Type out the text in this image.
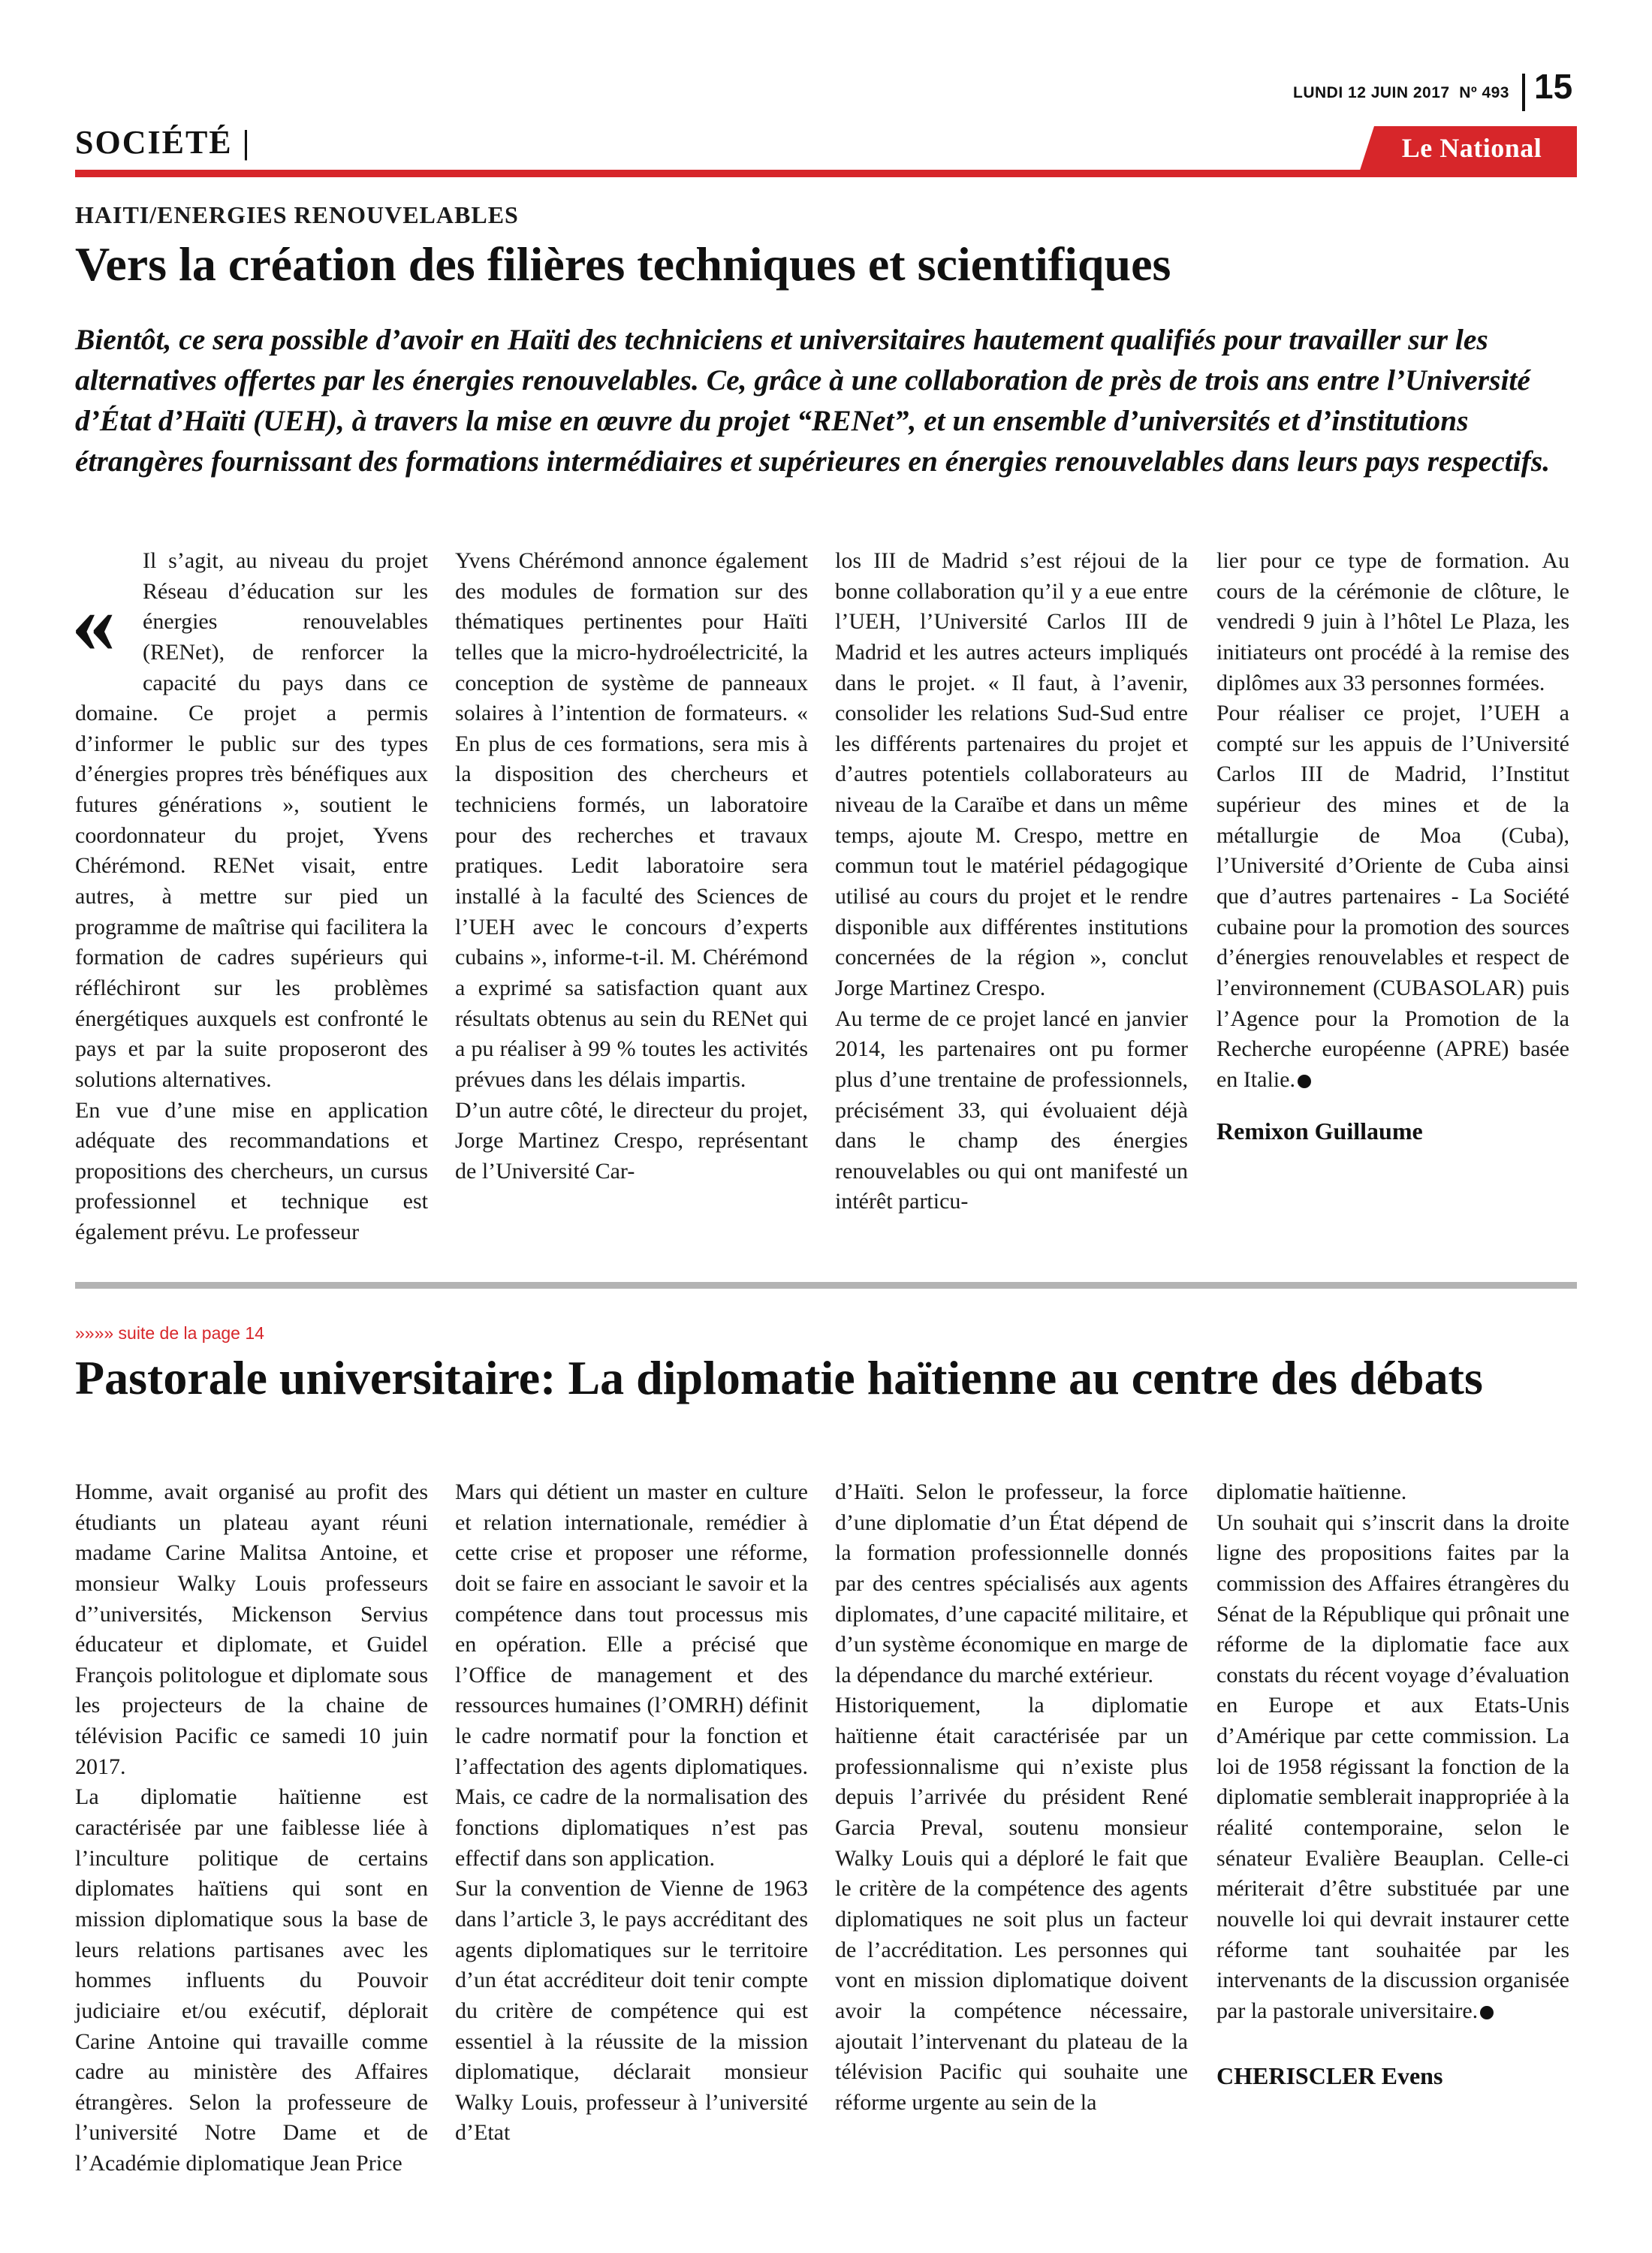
LUNDI 12 JUIN 2017 Nº 493 15
SOCIÉTÉ |	Le National
HAITI/ENERGIES RENOUVELABLES
Vers la création des filières techniques et scientifiques
Bientôt, ce sera possible d’avoir en Haïti des techniciens et universitaires hautement qualifiés pour travailler sur les alternatives offertes par les énergies renouvelables. Ce, grâce à une collaboration de près de trois ans entre l’Université d’État d’Haïti (UEH), à travers la mise en œuvre du projet “RENet”, et un ensemble d’universités et d’institutions étrangères fournissant des formations intermédiaires et supérieures en énergies renouvelables dans leurs pays respectifs.
«

Il s’agit, au niveau du projet Réseau d’éducation sur les énergies renouvelables (RENet), de renforcer la capacité du pays dans ce domaine. Ce projet a permis d’informer le public sur des types d’énergies propres très bénéfiques aux futures générations », soutient le coordonnateur du projet, Yvens Chérémond. RENet visait, entre autres, à mettre sur pied un programme de maîtrise qui facilitera la formation de cadres supérieurs qui réfléchiront sur les problèmes énergétiques auxquels est confronté le pays et par la suite proposeront des solutions alternatives.

En vue d’une mise en application adéquate des recommandations et propositions des chercheurs, un cursus professionnel et technique est également prévu. Le professeur

Yvens Chérémond annonce également des modules de formation sur des thématiques pertinentes pour Haïti telles que la micro-hydroélectricité, la conception de système de panneaux solaires à l’intention de formateurs. « En plus de ces formations, sera mis à la disposition des chercheurs et techniciens formés, un laboratoire pour des recherches et travaux pratiques. Ledit laboratoire sera installé à la faculté des Sciences de l’UEH avec le concours d’experts cubains », informe-t-il. M. Chérémond a exprimé sa satisfaction quant aux résultats obtenus au sein du RENet qui a pu réaliser à 99 % toutes les activités prévues dans les délais impartis.

D’un autre côté, le directeur du projet, Jorge Martinez Crespo, représentant de l’Université Car-

los III de Madrid s’est réjoui de la bonne collaboration qu’il y a eue entre l’UEH, l’Université Carlos III de Madrid et les autres acteurs impliqués dans le projet. « Il faut, à l’avenir, consolider les relations Sud-Sud entre les différents partenaires du projet et d’autres potentiels collaborateurs au niveau de la Caraïbe et dans un même temps, ajoute M. Crespo, mettre en commun tout le matériel pédagogique utilisé au cours du projet et le rendre disponible aux différentes institutions concernées de la région », conclut Jorge Martinez Crespo.

Au terme de ce projet lancé en janvier 2014, les partenaires ont pu former plus d’une trentaine de professionnels, précisément 33, qui évoluaient déjà dans le champ des énergies renouvelables ou qui ont manifesté un intérêt particu-

lier pour ce type de formation. Au cours de la cérémonie de clôture, le vendredi 9 juin à l’hôtel Le Plaza, les initiateurs ont procédé à la remise des diplômes aux 33 personnes formées.

Pour réaliser ce projet, l’UEH a compté sur les appuis de l’Université Carlos III de Madrid, l’Institut supérieur des mines et de la métallurgie de Moa (Cuba), l’Université d’Oriente de Cuba ainsi que d’autres partenaires - La Société cubaine pour la promotion des sources d’énergies renouvelables et respect de l’environnement (CUBASOLAR) puis l’Agence pour la Promotion de la Recherche européenne (APRE) basée en Italie.

Remixon Guillaume

»»»» suite de la page 14
Pastorale universitaire: La diplomatie haïtienne au centre des débats

Homme, avait organisé au profit des étudiants un plateau ayant réuni madame Carine Malitsa Antoine, et monsieur Walky Louis professeurs d’’universités, Mickenson Servius éducateur et diplomate, et Guidel François politologue et diplomate sous les projecteurs de la chaine de télévision Pacific ce samedi 10 juin 2017.

La diplomatie haïtienne est caractérisée par une faiblesse liée à l’inculture politique de certains diplomates haïtiens qui sont en mission diplomatique sous la base de leurs relations partisanes avec les hommes influents du Pouvoir judiciaire et/ou exécutif, déplorait Carine Antoine qui travaille comme cadre au ministère des Affaires étrangères. Selon la professeure de l’université Notre Dame et de l’Académie diplomatique Jean Price

Mars qui détient un master en culture et relation internationale, remédier à cette crise et proposer une réforme, doit se faire en associant le savoir et la compétence dans tout processus mis en opération. Elle a précisé que l’Office de management et des ressources humaines (l’OMRH) définit le cadre normatif pour la fonction et l’affectation des agents diplomatiques. Mais, ce cadre de la normalisation des fonctions diplomatiques n’est pas effectif dans son application.

Sur la convention de Vienne de 1963 dans l’article 3, le pays accréditant des agents diplomatiques sur le territoire d’un état accréditeur doit tenir compte du critère de compétence qui est essentiel à la réussite de la mission diplomatique, déclarait monsieur Walky Louis, professeur à l’université d’Etat

d’Haïti. Selon le professeur, la force d’une diplomatie d’un État dépend de la formation professionnelle donnés par des centres spécialisés aux agents diplomates, d’une capacité militaire, et d’un système économique en marge de la dépendance du marché extérieur.

Historiquement, la diplomatie haïtienne était caractérisée par un professionnalisme qui n’existe plus depuis l’arrivée du président René Garcia Preval, soutenu monsieur Walky Louis qui a déploré le fait que le critère de la compétence des agents diplomatiques ne soit plus un facteur de l’accréditation. Les personnes qui vont en mission diplomatique doivent avoir la compétence nécessaire, ajoutait l’intervenant du plateau de la télévision Pacific qui souhaite une réforme urgente au sein de la

diplomatie haïtienne.

Un souhait qui s’inscrit dans la droite ligne des propositions faites par la commission des Affaires étrangères du Sénat de la République qui prônait une réforme de la diplomatie face aux constats du récent voyage d’évaluation en Europe et aux Etats-Unis d’Amérique par cette commission. La loi de 1958 régissant la fonction de la diplomatie semblerait inappropriée à la réalité contemporaine, selon le sénateur Evalière Beauplan. Celle-ci mériterait d’être substituée par une nouvelle loi qui devrait instaurer cette réforme tant souhaitée par les intervenants de la discussion organisée par la pastorale universitaire.

CHERISCLER Evens
